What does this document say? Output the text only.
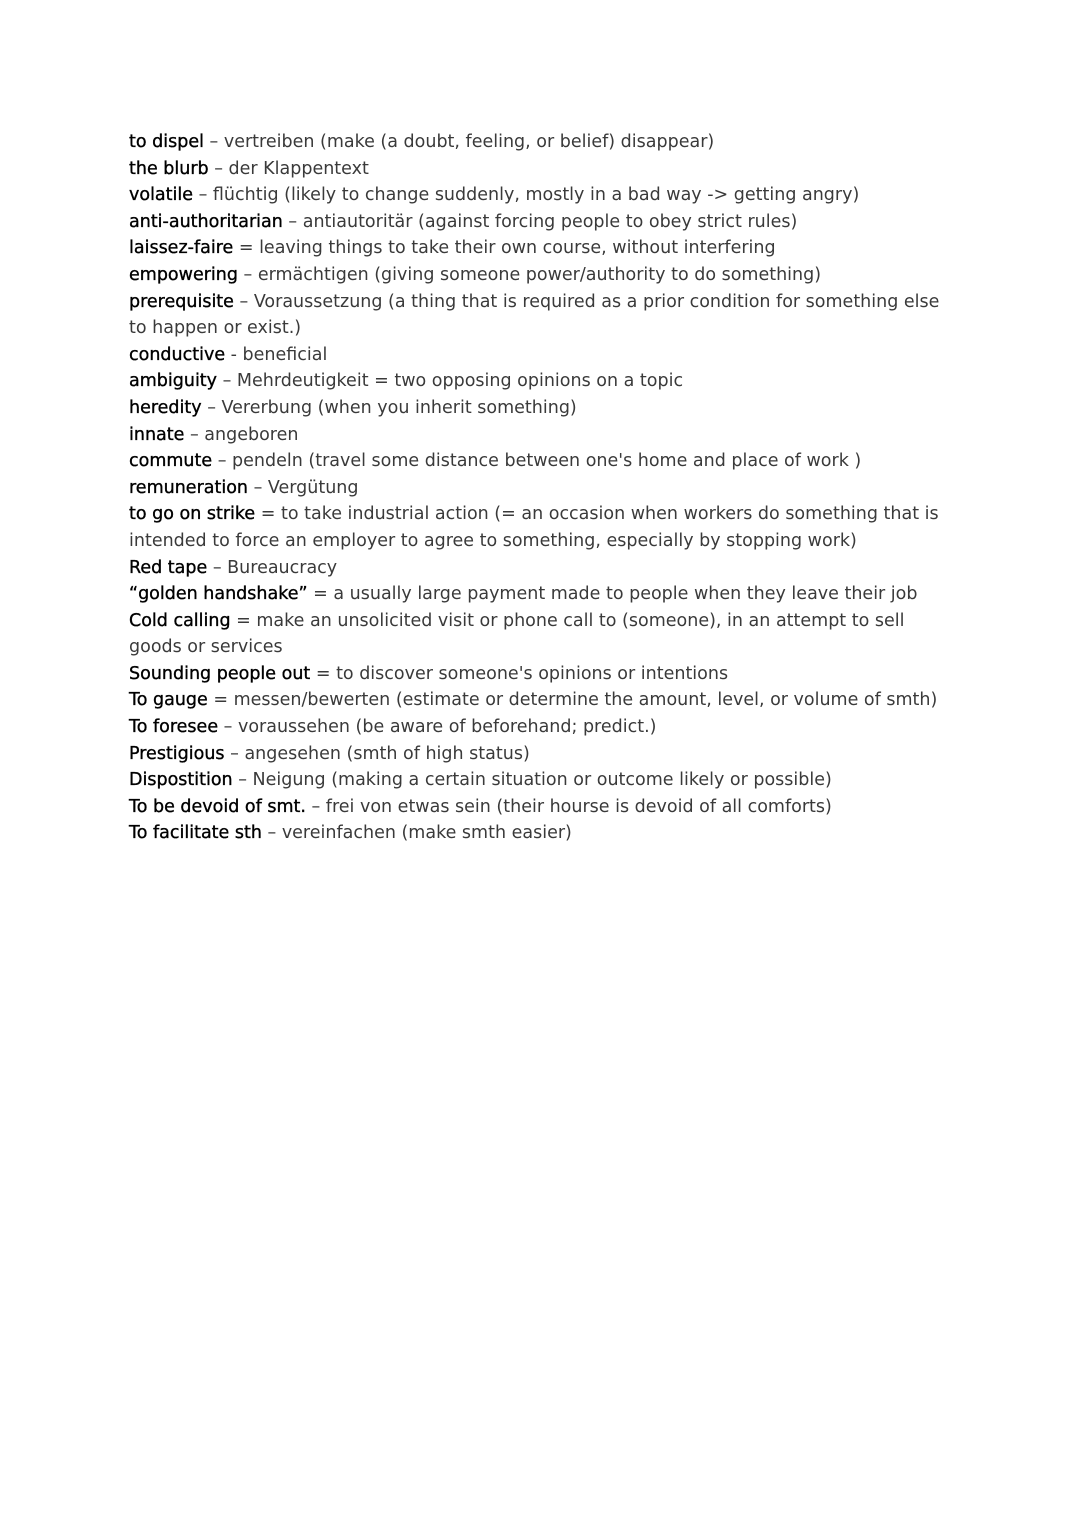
to dispel – vertreiben (make (a doubt, feeling, or belief) disappear)

the blurb – der Klappentext

volatile – flüchtig (likely to change suddenly, mostly in a bad way -> getting angry)

anti-authoritarian – antiautoritär (against forcing people to obey strict rules)

laissez-faire = leaving things to take their own course, without interfering

empowering – ermächtigen (giving someone power/authority to do something)

prerequisite – Voraussetzung (a thing that is required as a prior condition for something else to happen or exist.)

conductive - beneficial

ambiguity – Mehrdeutigkeit = two opposing opinions on a topic

heredity – Vererbung (when you inherit something)

innate – angeboren

commute – pendeln (travel some distance between one's home and place of work )

remuneration – Vergütung

to go on strike = to take industrial action (= an occasion when workers do something that is intended to force an employer to agree to something, especially by stopping work)

Red tape – Bureaucracy

“golden handshake” = a usually large payment made to people when they leave their job

Cold calling = make an unsolicited visit or phone call to (someone), in an attempt to sell goods or services

Sounding people out = to discover someone's opinions or intentions

To gauge = messen/bewerten (estimate or determine the amount, level, or volume of smth)

To foresee – voraussehen (be aware of beforehand; predict.)

Prestigious – angesehen (smth of high status)

Dispostition – Neigung (making a certain situation or outcome likely or possible)

To be devoid of smt. – frei von etwas sein (their hourse is devoid of all comforts)

To facilitate sth – vereinfachen (make smth easier)
